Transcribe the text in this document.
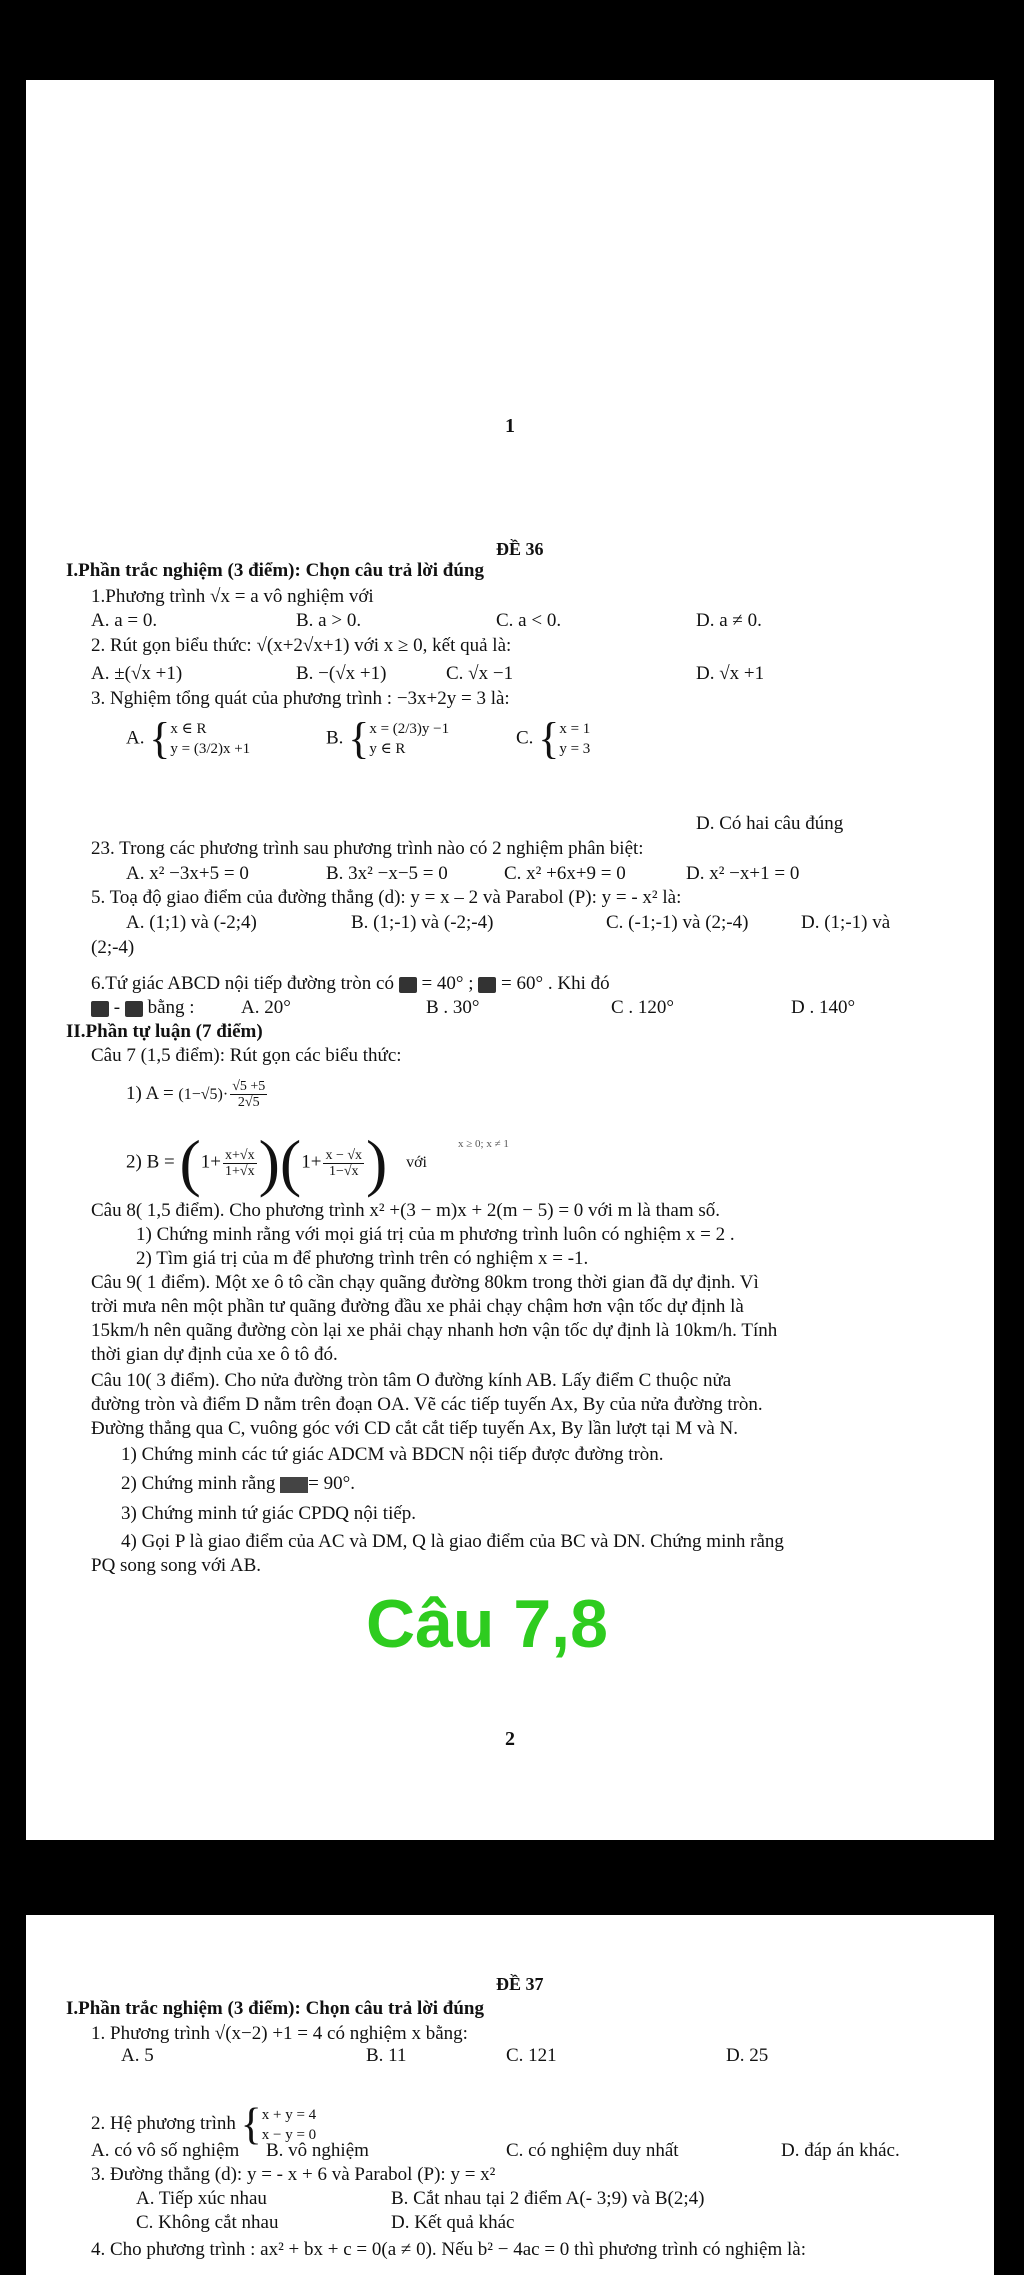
1
ĐỀ 36
I.Phần trắc nghiệm (3 điểm): Chọn câu trả lời đúng
1.Phương trình √x = a vô nghiệm với
A. a = 0.	B. a > 0.	C. a < 0.	D. a ≠ 0.
2. Rút gọn biểu thức: √(x+2√x+1) với x ≥ 0, kết quả là:
A. ±(√x +1)	B. −(√x +1)	C. √x −1	D. √x +1
3. Nghiệm tổng quát của phương trình : −3x+2y = 3 là:
A. {x ∈ R
y = (3/2)x +1
B. {x = (2/3)y −1
y ∈ R
C. {x = 1
y = 3
D. Có hai câu đúng
23. Trong các phương trình sau phương trình nào có 2 nghiệm phân biệt:
A. x² −3x+5 = 0	B. 3x² −x−5 = 0	C. x² +6x+9 = 0	D. x² −x+1 = 0
5. Toạ độ giao điểm của đường thẳng (d): y = x – 2 và Parabol (P): y = - x² là:
A. (1;1) và (-2;4)	B. (1;-1) và (-2;-4)	C. (-1;-1) và (2;-4)	D. (1;-1) và
(2;-4)
6.Tứ giác ABCD nội tiếp đường tròn có = 40° ; = 60° . Khi đó
-  bằng : A. 20°	B . 30°	C . 120°	D . 140°
II.Phần tự luận (7 điểm)
Câu 7 (1,5 điểm): Rút gọn các biểu thức:
1) $A = (1-√5)\cdot \frac{√5 +5}{2√5}$
2) $B = (1+ \frac{x+√x}{1+√x} )(1+ \frac{x - √x}{1-√x}$ ) với
x ≥ 0; x ≠ 1
Câu 8( 1,5 điểm). Cho phương trình x² +(3 − m)x + 2(m − 5) = 0 với m là tham số.
1) Chứng minh rằng với mọi giá trị của m phương trình luôn có nghiệm x = 2 .
2) Tìm giá trị của m để phương trình trên có nghiệm x = -1.
Câu 9( 1 điểm). Một xe ô tô cần chạy quãng đường 80km trong thời gian đã dự định. Vì
trời mưa nên một phần tư quãng đường đầu xe phải chạy chậm hơn vận tốc dự định là
15km/h nên quãng đường còn lại xe phải chạy nhanh hơn vận tốc dự định là 10km/h. Tính
thời gian dự định của xe ô tô đó.
Câu 10( 3 điểm). Cho nửa đường tròn tâm O đường kính AB. Lấy điểm C thuộc nửa
đường tròn và điểm D nằm trên đoạn OA. Vẽ các tiếp tuyến Ax, By của nửa đường tròn.
Đường thẳng qua C, vuông góc với CD cắt cắt tiếp tuyến Ax, By lần lượt tại M và N.
1) Chứng minh các tứ giác ADCM và BDCN nội tiếp được đường tròn.
2) Chứng minh rằng = 90°.
3) Chứng minh tứ giác CPDQ nội tiếp.
4) Gọi P là giao điểm của AC và DM, Q là giao điểm của BC và DN. Chứng minh rằng
PQ song song với AB.
Câu 7,8
2
ĐỀ 37
I.Phần trắc nghiệm (3 điểm): Chọn câu trả lời đúng
1. Phương trình √(x−2) +1 = 4 có nghiệm x bằng:
A. 5	B. 11	C. 121	D. 25
2. Hệ phương trình {x + y = 4
x − y = 0
A. có vô số nghiệm B. vô nghiệm	C. có nghiệm duy nhất	D. đáp án khác.
3. Đường thẳng (d): y = - x + 6 và Parabol (P): y = x²
A. Tiếp xúc nhau	B. Cắt nhau tại 2 điểm A(- 3;9) và B(2;4)
C. Không cắt nhau	D. Kết quả khác
4. Cho phương trình : ax² + bx + c = 0(a ≠ 0). Nếu b² − 4ac = 0 thì phương trình có nghiệm là:
